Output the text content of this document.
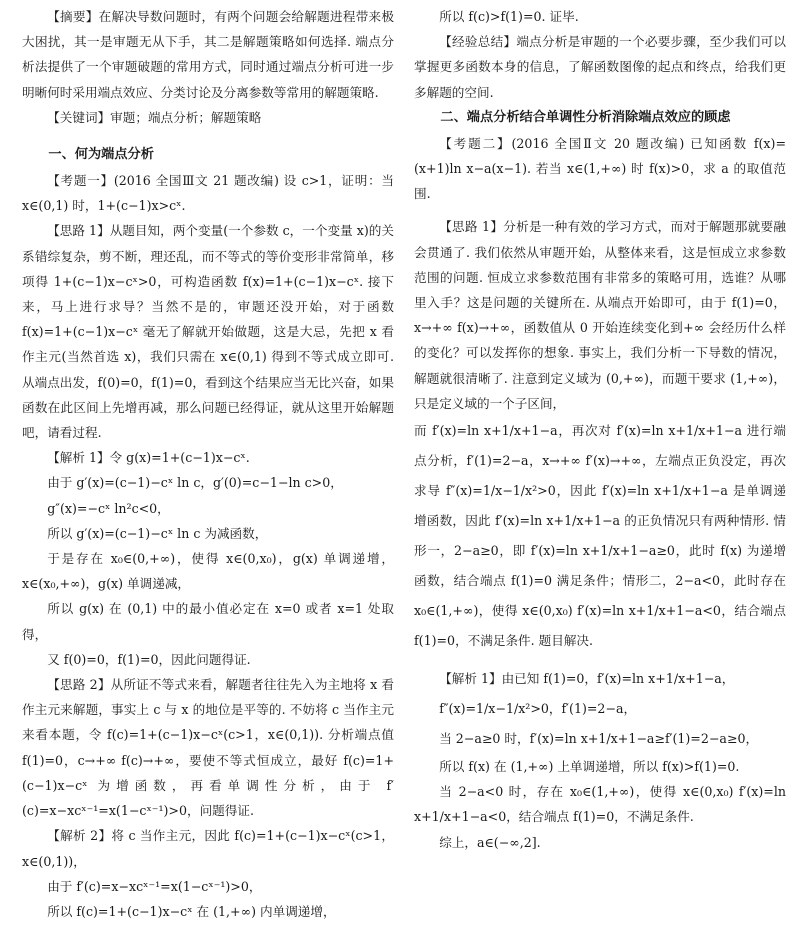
【摘要】在解决导数问题时，有两个问题会给解题进程带来极大困扰，其一是审题无从下手，其二是解题策略如何选择. 端点分析法提供了一个审题破题的常用方式，同时通过端点分析可进一步明晰何时采用端点效应、分类讨论及分离参数等常用的解题策略.

【关键词】审题；端点分析；解题策略

一、何为端点分析

【考题一】(2016 全国Ⅲ文 21 题改编) 设 c>1，证明：当 x∈(0,1) 时，1+(c−1)x>cˣ.

【思路 1】从题目知，两个变量(一个参数 c，一个变量 x)的关系错综复杂，剪不断，理还乱，而不等式的等价变形非常简单，移项得 1+(c−1)x−cˣ>0，可构造函数 f(x)=1+(c−1)x−cˣ. 接下来，马上进行求导？当然不是的，审题还没开始，对于函数 f(x)=1+(c−1)x−cˣ 毫无了解就开始做题，这是大忌，先把 x 看作主元(当然首选 x)，我们只需在 x∈(0,1) 得到不等式成立即可. 从端点出发，f(0)=0，f(1)=0，看到这个结果应当无比兴奋，如果函数在此区间上先增再减，那么问题已经得证，就从这里开始解题吧，请看过程.

【解析 1】令 g(x)=1+(c−1)x−cˣ.

由于 g′(x)=(c−1)−cˣ ln c，g′(0)=c−1−ln c>0，

g″(x)=−cˣ ln²c<0，

所以 g′(x)=(c−1)−cˣ ln c 为减函数，

于是存在 x₀∈(0,+∞)，使得 x∈(0,x₀)，g(x) 单调递增，x∈(x₀,+∞)，g(x) 单调递减，

所以 g(x) 在 (0,1) 中的最小值必定在 x=0 或者 x=1 处取得，

又 f(0)=0，f(1)=0，因此问题得证.

【思路 2】从所证不等式来看，解题者往往先入为主地将 x 看作主元来解题，事实上 c 与 x 的地位是平等的. 不妨将 c 当作主元来看本题，令 f(c)=1+(c−1)x−cˣ(c>1，x∈(0,1)). 分析端点值 f(1)=0，c→+∞ f(c)→+∞，要使不等式恒成立，最好 f(c)=1+(c−1)x−cˣ 为增函数，再看单调性分析，由于 f′(c)=x−xcˣ⁻¹=x(1−cˣ⁻¹)>0，问题得证.

【解析 2】将 c 当作主元，因此 f(c)=1+(c−1)x−cˣ(c>1，x∈(0,1))，

由于 f′(c)=x−xcˣ⁻¹=x(1−cˣ⁻¹)>0，

所以 f(c)=1+(c−1)x−cˣ 在 (1,+∞) 内单调递增，

所以 f(c)>f(1)=0. 证毕.

【经验总结】端点分析是审题的一个必要步骤，至少我们可以掌握更多函数本身的信息，了解函数图像的起点和终点，给我们更多解题的空间.

二、端点分析结合单调性分析消除端点效应的顾虑

【考题二】(2016 全国Ⅱ文 20 题改编) 已知函数 f(x)=(x+1)ln x−a(x−1). 若当 x∈(1,+∞) 时 f(x)>0，求 a 的取值范围.

【思路 1】分析是一种有效的学习方式，而对于解题那就要融会贯通了. 我们依然从审题开始，从整体来看，这是恒成立求参数范围的问题. 恒成立求参数范围有非常多的策略可用，选谁？从哪里入手？这是问题的关键所在. 从端点开始即可，由于 f(1)=0，x→+∞ f(x)→+∞，函数值从 0 开始连续变化到+∞ 会经历什么样的变化？可以发挥你的想象. 事实上，我们分析一下导数的情况，解题就很清晰了. 注意到定义域为 (0,+∞)，而题干要求 (1,+∞)，只是定义域的一个子区间，

而 f′(x)=ln x+1/x+1−a，再次对 f′(x)=ln x+1/x+1−a 进行端点分析，f′(1)=2−a，x→+∞ f′(x)→+∞，左端点正负没定，再次求导 f″(x)=1/x−1/x²>0，因此 f′(x)=ln x+1/x+1−a 是单调递增函数，因此 f′(x)=ln x+1/x+1−a 的正负情况只有两种情形. 情形一，2−a≥0，即 f′(x)=ln x+1/x+1−a≥0，此时 f(x) 为递增函数，结合端点 f(1)=0 满足条件；情形二，2−a<0，此时存在 x₀∈(1,+∞)，使得 x∈(0,x₀) f′(x)=ln x+1/x+1−a<0，结合端点 f(1)=0，不满足条件. 题目解决.

【解析 1】由已知 f(1)=0，f′(x)=ln x+1/x+1−a，

f″(x)=1/x−1/x²>0，f′(1)=2−a，

当 2−a≥0 时，f′(x)=ln x+1/x+1−a≥f′(1)=2−a≥0，

所以 f(x) 在 (1,+∞) 上单调递增，所以 f(x)>f(1)=0.

当 2−a<0 时，存在 x₀∈(1,+∞)，使得 x∈(0,x₀) f′(x)=ln x+1/x+1−a<0，结合端点 f(1)=0，不满足条件.

综上，a∈(−∞,2].
